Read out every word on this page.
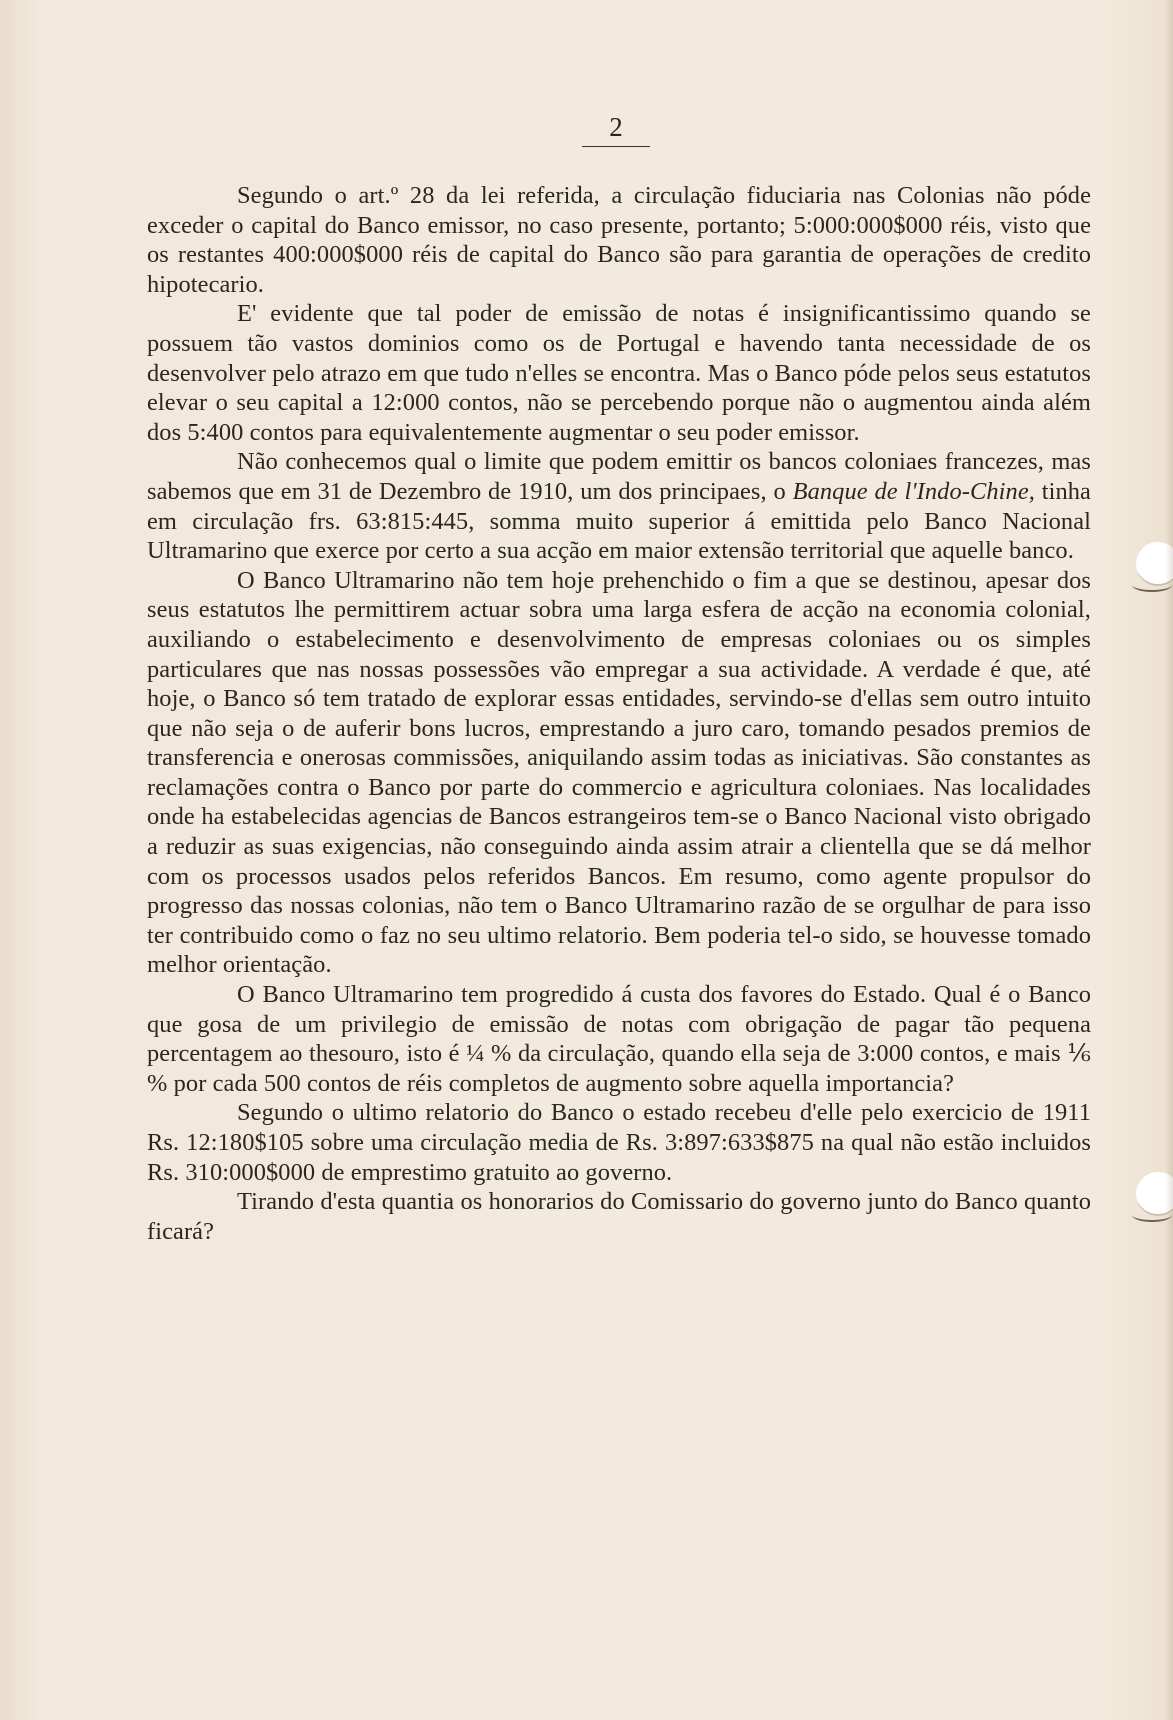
2

Segundo o art.º 28 da lei referida, a circulação fiduciaria nas Colonias não póde exceder o capital do Banco emissor, no caso presente, portanto; 5:000:000$000 réis, visto que os restantes 400:000$000 réis de capital do Banco são para garantia de operações de credito hipotecario.

E' evidente que tal poder de emissão de notas é insignificantissimo quando se possuem tão vastos dominios como os de Portugal e havendo tanta necessidade de os desenvolver pelo atrazo em que tudo n'elles se encontra. Mas o Banco póde pelos seus estatutos elevar o seu capital a 12:000 contos, não se percebendo porque não o augmentou ainda além dos 5:400 contos para equivalentemente augmentar o seu poder emissor.

Não conhecemos qual o limite que podem emittir os bancos coloniaes francezes, mas sabemos que em 31 de Dezembro de 1910, um dos principaes, o Banque de l'Indo-Chine, tinha em circulação frs. 63:815:445, somma muito superior á emittida pelo Banco Nacional Ultramarino que exerce por certo a sua acção em maior extensão territorial que aquelle banco.

O Banco Ultramarino não tem hoje prehenchido o fim a que se destinou, apesar dos seus estatutos lhe permittirem actuar sobra uma larga esfera de acção na economia colonial, auxiliando o estabelecimento e desenvolvimento de empresas coloniaes ou os simples particulares que nas nossas possessões vão empregar a sua actividade. A verdade é que, até hoje, o Banco só tem tratado de explorar essas entidades, servindo-se d'ellas sem outro intuito que não seja o de auferir bons lucros, emprestando a juro caro, tomando pesados premios de transferencia e onerosas commissões, aniquilando assim todas as iniciativas. São constantes as reclamações contra o Banco por parte do commercio e agricultura coloniaes. Nas localidades onde ha estabelecidas agencias de Bancos estrangeiros tem-se o Banco Nacional visto obrigado a reduzir as suas exigencias, não conseguindo ainda assim atrair a clientella que se dá melhor com os processos usados pelos referidos Bancos. Em resumo, como agente propulsor do progresso das nossas colonias, não tem o Banco Ultramarino razão de se orgulhar de para isso ter contribuido como o faz no seu ultimo relatorio. Bem poderia tel-o sido, se houvesse tomado melhor orientação.

O Banco Ultramarino tem progredido á custa dos favores do Estado. Qual é o Banco que gosa de um privilegio de emissão de notas com obrigação de pagar tão pequena percentagem ao thesouro, isto é ¼ % da circulação, quando ella seja de 3:000 contos, e mais ⅙ % por cada 500 contos de réis completos de augmento sobre aquella importancia?

Segundo o ultimo relatorio do Banco o estado recebeu d'elle pelo exercicio de 1911 Rs. 12:180$105 sobre uma circulação media de Rs. 3:897:633$875 na qual não estão incluidos Rs. 310:000$000 de emprestimo gratuito ao governo.

Tirando d'esta quantia os honorarios do Comissario do governo junto do Banco quanto ficará?
